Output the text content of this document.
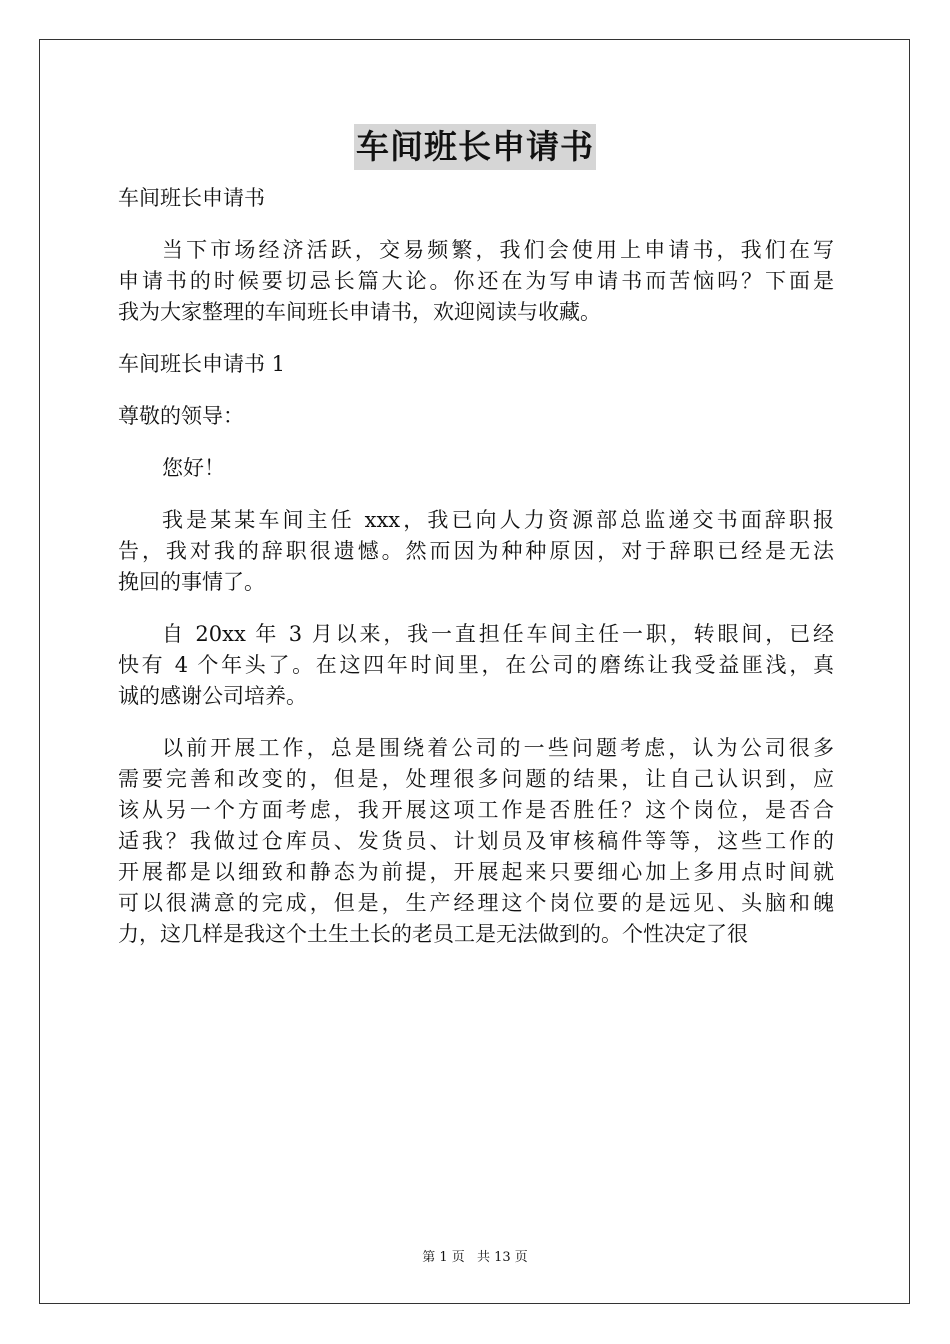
车间班长申请书
车间班长申请书
当下市场经济活跃，交易频繁，我们会使用上申请书，我们在写
申请书的时候要切忌长篇大论。你还在为写申请书而苦恼吗？下面是
我为大家整理的车间班长申请书，欢迎阅读与收藏。
车间班长申请书 1
尊敬的领导：
您好！
我是某某车间主任 xxx，我已向人力资源部总监递交书面辞职报
告，我对我的辞职很遗憾。然而因为种种原因，对于辞职已经是无法
挽回的事情了。
自 20xx 年 3 月以来，我一直担任车间主任一职，转眼间，已经
快有 4 个年头了。在这四年时间里，在公司的磨练让我受益匪浅，真
诚的感谢公司培养。
以前开展工作，总是围绕着公司的一些问题考虑，认为公司很多
需要完善和改变的，但是，处理很多问题的结果，让自己认识到，应
该从另一个方面考虑，我开展这项工作是否胜任？这个岗位，是否合
适我？我做过仓库员、发货员、计划员及审核稿件等等，这些工作的
开展都是以细致和静态为前提，开展起来只要细心加上多用点时间就
可以很满意的完成，但是，生产经理这个岗位要的是远见、头脑和魄
力，这几样是我这个土生土长的老员工是无法做到的。个性决定了很
第 1 页 共 13 页
